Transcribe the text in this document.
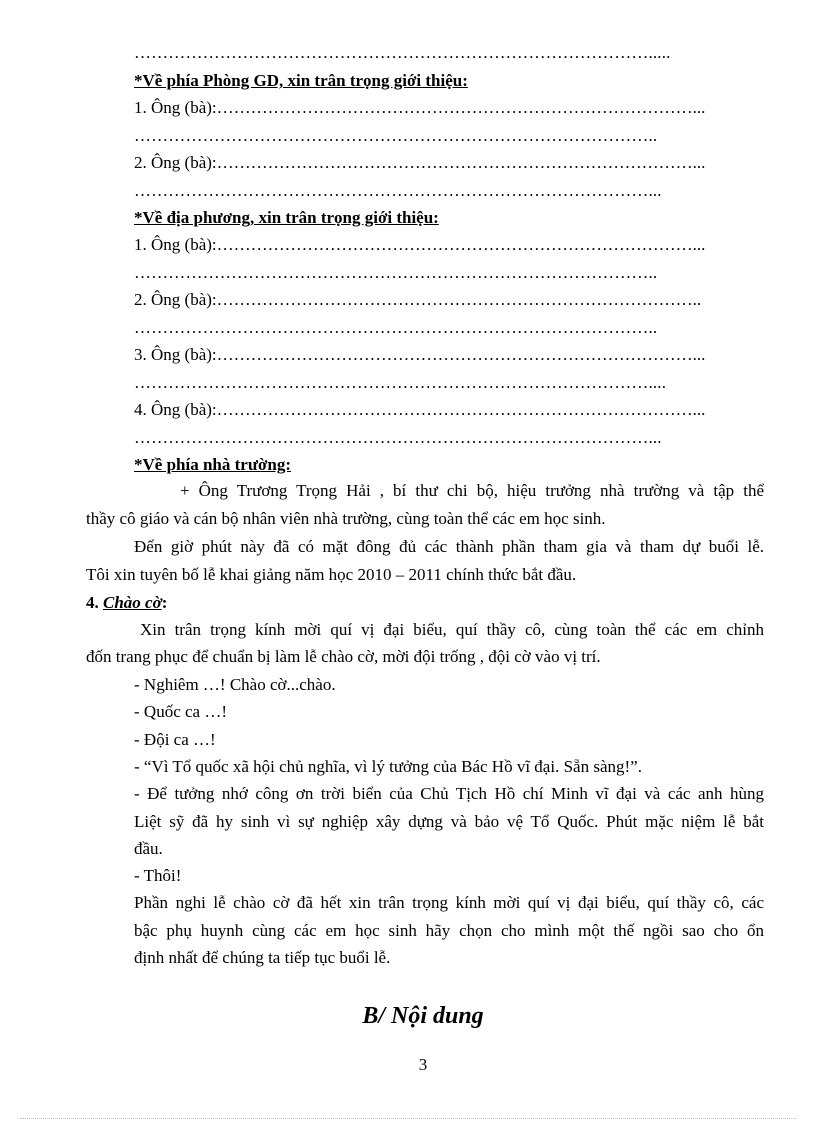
……………………………………………………………………………….....
*Về phía Phòng GD, xin trân trọng giới thiệu:
1. Ông (bà):…………………………………………………………………………...
………………………………………………………………………………..
2. Ông (bà):…………………………………………………………………………...
………………………………………………………………………………...
*Về địa phương, xin trân trọng giới thiệu:
1. Ông (bà):…………………………………………………………………………...
………………………………………………………………………………..
2. Ông (bà):…………………………………………………………………………..
………………………………………………………………………………..
3. Ông (bà):…………………………………………………………………………...
………………………………………………………………………………....
4. Ông (bà):…………………………………………………………………………...
………………………………………………………………………………...
*Về phía nhà trường:
+ Ông Trương Trọng Hải , bí thư chi bộ, hiệu trưởng nhà trường và tập thể
thầy cô giáo và cán bộ nhân viên nhà trường, cùng toàn thể các em học sinh.
Đến giờ phút này đã có mặt đông đủ các thành phần tham gia và tham dự buổi lễ.
Tôi xin tuyên bố lễ khai giảng năm học 2010 – 2011 chính thức bắt đầu.
4. Chào cờ:
Xin trân trọng kính mời quí vị đại biểu, quí thầy cô, cùng toàn thể các em chỉnh
đốn trang phục để chuẩn bị làm lễ chào cờ, mời đội trống , đội cờ vào vị trí.
- Nghiêm …! Chào cờ...chào.
- Quốc ca …!
- Đội ca …!
- “Vì Tổ quốc xã hội chủ nghĩa, vì lý tưởng của Bác Hồ vĩ đại. Sẵn sàng!”.
- Để tưởng nhớ công ơn trời biển của Chủ Tịch Hồ chí Minh vĩ đại và các anh hùng
Liệt sỹ đã hy sinh vì sự nghiệp xây dựng và bảo vệ Tổ Quốc. Phút mặc niệm lễ bắt
đầu.
- Thôi!
Phần nghi lễ chào cờ đã hết xin trân trọng kính mời quí vị đại biểu, quí thầy cô, các
bậc phụ huynh cùng các em học sinh hãy chọn cho mình một thế ngồi sao cho ổn
định nhất để chúng ta tiếp tục buổi lễ.
B/ Nội dung
3
